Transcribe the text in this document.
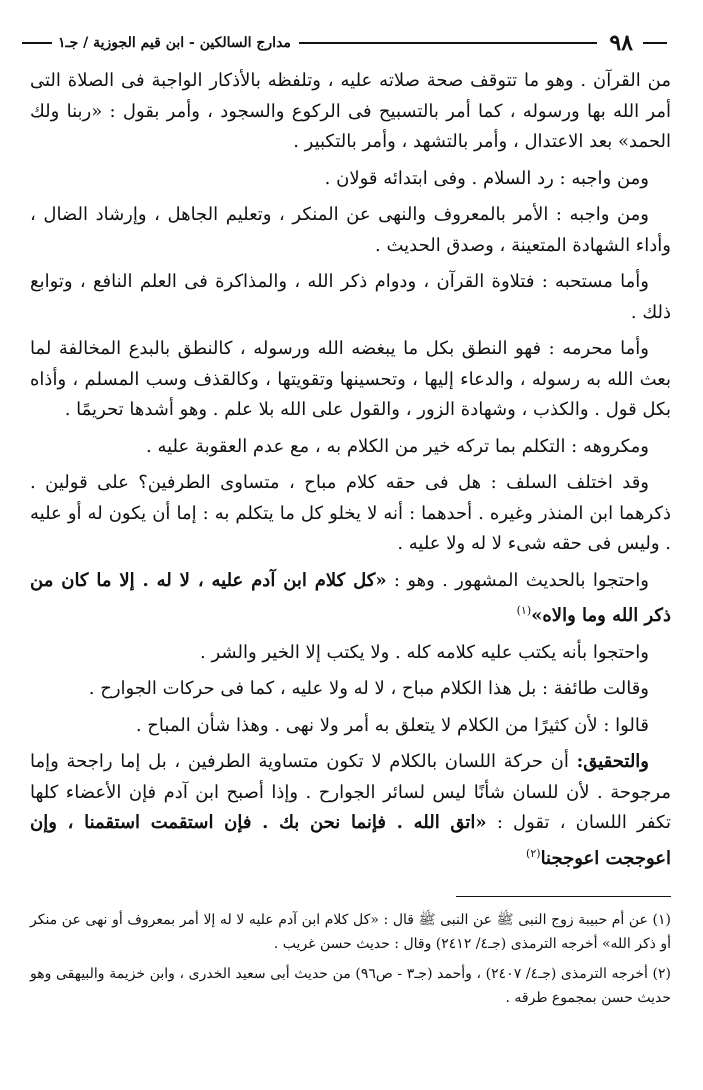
٩٨
مدارج السالكين - ابن قيم الجوزية / جـ١

من القرآن . وهو ما تتوقف صحة صلاته عليه ، وتلفظه بالأذكار الواجبة فى الصلاة التى أمر الله بها ورسوله ، كما أمر بالتسبيح فى الركوع والسجود ، وأمر بقول : «ربنا ولك الحمد» بعد الاعتدال ، وأمر بالتشهد ، وأمر بالتكبير .

ومن واجبه : رد السلام . وفى ابتدائه قولان .

ومن واجبه : الأمر بالمعروف والنهى عن المنكر ، وتعليم الجاهل ، وإرشاد الضال ، وأداء الشهادة المتعينة ، وصدق الحديث .

وأما مستحبه : فتلاوة القرآن ، ودوام ذكر الله ، والمذاكرة فى العلم النافع ، وتوابع ذلك .

وأما محرمه : فهو النطق بكل ما يبغضه الله ورسوله ، كالنطق بالبدع المخالفة لما بعث الله به رسوله ، والدعاء إليها ، وتحسينها وتقويتها ، وكالقذف وسب المسلم ، وأذاه بكل قول . والكذب ، وشهادة الزور ، والقول على الله بلا علم . وهو أشدها تحريمًا .

ومكروهه : التكلم بما تركه خير من الكلام به ، مع عدم العقوبة عليه .

وقد اختلف السلف : هل فى حقه كلام مباح ، متساوى الطرفين؟ على قولين . ذكرهما ابن المنذر وغيره . أحدهما : أنه لا يخلو كل ما يتكلم به : إما أن يكون له أو عليه . وليس فى حقه شىء لا له ولا عليه .

واحتجوا بالحديث المشهور . وهو : «كل كلام ابن آدم عليه ، لا له . إلا ما كان من ذكر الله وما والاه»$^{(١)}$

واحتجوا بأنه يكتب عليه كلامه كله . ولا يكتب إلا الخير والشر .

وقالت طائفة : بل هذا الكلام مباح ، لا له ولا عليه ، كما فى حركات الجوارح .

قالوا : لأن كثيرًا من الكلام لا يتعلق به أمر ولا نهى . وهذا شأن المباح .

والتحقيق: أن حركة اللسان بالكلام لا تكون متساوية الطرفين ، بل إما راجحة وإما مرجوحة . لأن للسان شأنًا ليس لسائر الجوارح . وإذا أصبح ابن آدم فإن الأعضاء كلها تكفر اللسان ، تقول : «اتق الله . فإنما نحن بك . فإن استقمت استقمنا ، وإن اعوججت اعوججنا$^{(٢)}$

(١) عن أم حبيبة زوج النبى ﷺ عن النبى ﷺ قال : «كل كلام ابن آدم عليه لا له إلا أمر بمعروف أو نهى عن منكر أو ذكر الله» أخرجه الترمذى (جـ٤/ ٢٤١٢) وقال : حديث حسن غريب .

(٢) أخرجه الترمذى (جـ٤/ ٢٤٠٧) ، وأحمد (جـ٣ - ص٩٦) من حديث أبى سعيد الخدرى ، وابن خزيمة والبيهقى وهو حديث حسن بمجموع طرقه .
